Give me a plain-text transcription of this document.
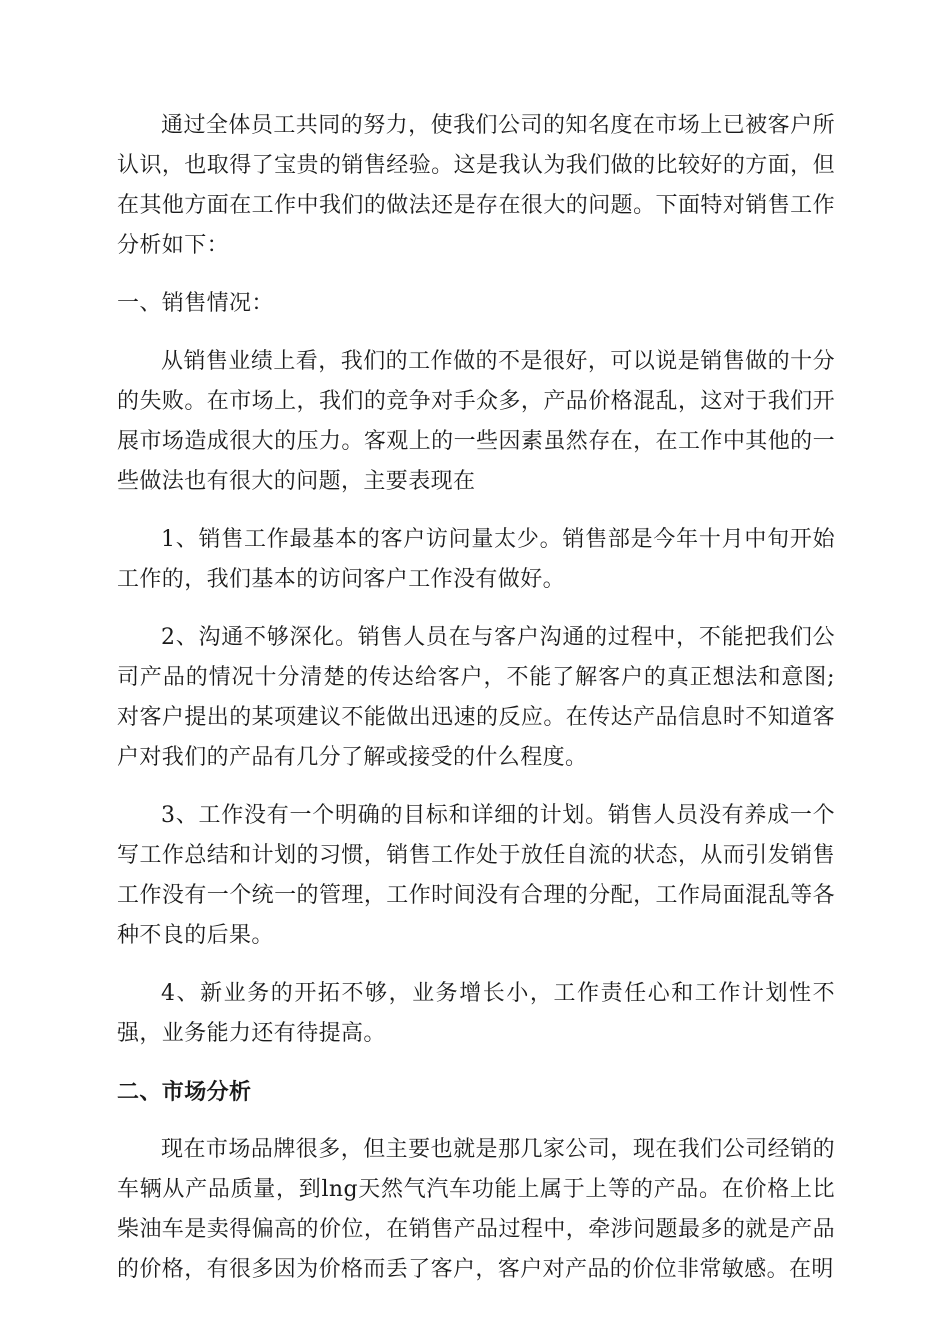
通过全体员工共同的努力，使我们公司的知名度在市场上已被客户所认识，也取得了宝贵的销售经验。这是我认为我们做的比较好的方面，但在其他方面在工作中我们的做法还是存在很大的问题。下面特对销售工作分析如下：

一、销售情况：

从销售业绩上看，我们的工作做的不是很好，可以说是销售做的十分的失败。在市场上，我们的竞争对手众多，产品价格混乱，这对于我们开展市场造成很大的压力。客观上的一些因素虽然存在，在工作中其他的一些做法也有很大的问题，主要表现在

1、销售工作最基本的客户访问量太少。销售部是今年十月中旬开始工作的，我们基本的访问客户工作没有做好。

2、沟通不够深化。销售人员在与客户沟通的过程中，不能把我们公司产品的情况十分清楚的传达给客户，不能了解客户的真正想法和意图;对客户提出的某项建议不能做出迅速的反应。在传达产品信息时不知道客户对我们的产品有几分了解或接受的什么程度。

3、工作没有一个明确的目标和详细的计划。销售人员没有养成一个写工作总结和计划的习惯，销售工作处于放任自流的状态，从而引发销售工作没有一个统一的管理，工作时间没有合理的分配，工作局面混乱等各种不良的后果。

4、新业务的开拓不够，业务增长小，工作责任心和工作计划性不强，业务能力还有待提高。

二、市场分析

现在市场品牌很多，但主要也就是那几家公司，现在我们公司经销的车辆从产品质量，到lng天然气汽车功能上属于上等的产品。在价格上比柴油车是卖得偏高的价位，在销售产品过程中，牵涉问题最多的就是产品的价格，有很多因为价格而丢了客户，客户对产品的价位非常敏感。在明
